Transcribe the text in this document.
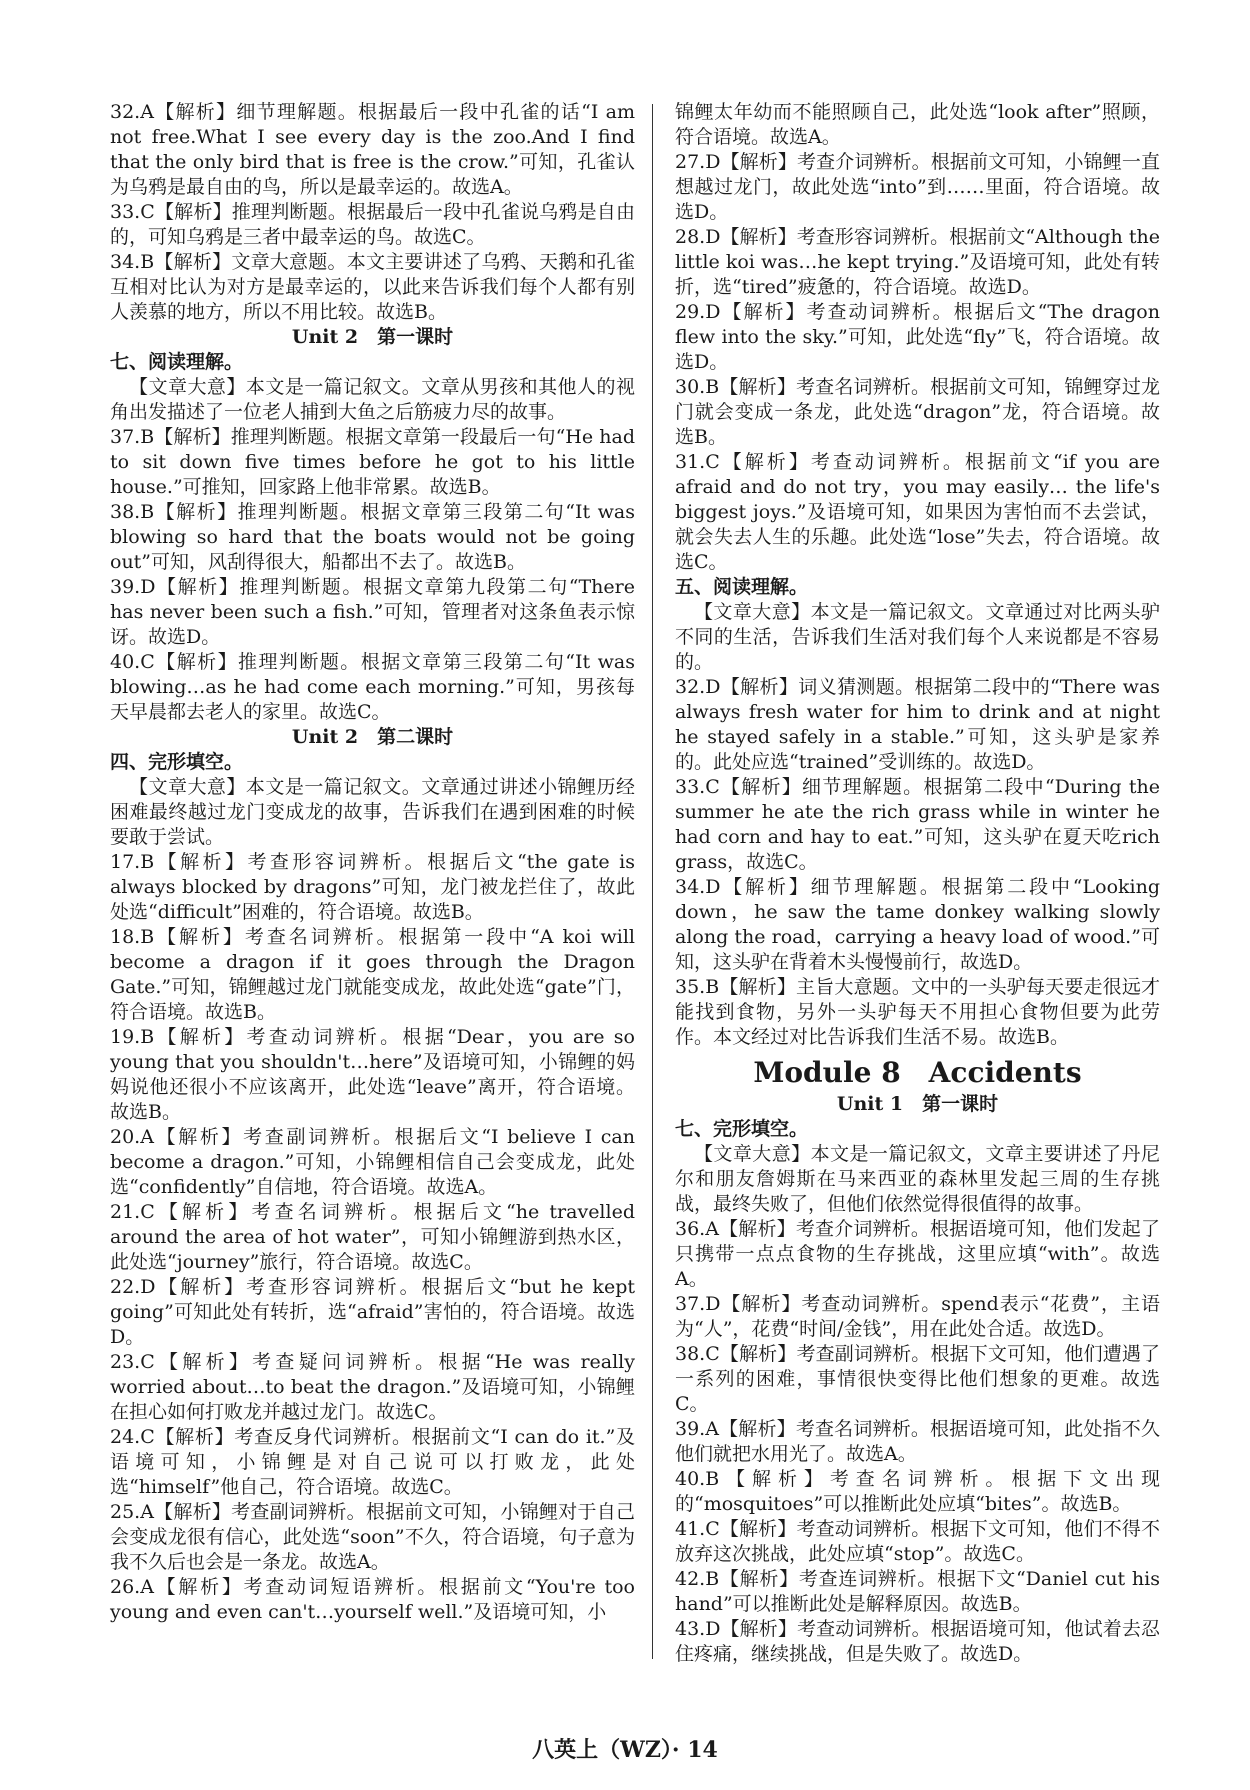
32.A【解析】细节理解题。根据最后一段中孔雀的话“I am not free.What I see every day is the zoo.And I find that the only bird that is free is the crow.”可知，孔雀认为乌鸦是最自由的鸟，所以是最幸运的。故选A。

33.C【解析】推理判断题。根据最后一段中孔雀说乌鸦是自由的，可知乌鸦是三者中最幸运的鸟。故选C。

34.B【解析】文章大意题。本文主要讲述了乌鸦、天鹅和孔雀互相对比认为对方是最幸运的，以此来告诉我们每个人都有别人羡慕的地方，所以不用比较。故选B。

Unit 2　第一课时

七、阅读理解。

【文章大意】本文是一篇记叙文。文章从男孩和其他人的视角出发描述了一位老人捕到大鱼之后筋疲力尽的故事。

37.B【解析】推理判断题。根据文章第一段最后一句“He had to sit down five times before he got to his little house.”可推知，回家路上他非常累。故选B。

38.B【解析】推理判断题。根据文章第三段第二句“It was blowing so hard that the boats would not be going out”可知，风刮得很大，船都出不去了。故选B。

39.D【解析】推理判断题。根据文章第九段第二句“There has never been such a fish.”可知，管理者对这条鱼表示惊讶。故选D。

40.C【解析】推理判断题。根据文章第三段第二句“It was blowing…as he had come each morning.”可知，男孩每天早晨都去老人的家里。故选C。

Unit 2　第二课时

四、完形填空。

【文章大意】本文是一篇记叙文。文章通过讲述小锦鲤历经困难最终越过龙门变成龙的故事，告诉我们在遇到困难的时候要敢于尝试。

17.B【解析】考查形容词辨析。根据后文“the gate is always blocked by dragons”可知，龙门被龙拦住了，故此处选“difficult”困难的，符合语境。故选B。

18.B【解析】考查名词辨析。根据第一段中“A koi will become a dragon if it goes through the Dragon Gate.”可知，锦鲤越过龙门就能变成龙，故此处选“gate”门，符合语境。故选B。

19.B【解析】考查动词辨析。根据“Dear，you are so young that you shouldn't…here”及语境可知，小锦鲤的妈妈说他还很小不应该离开，此处选“leave”离开，符合语境。故选B。

20.A【解析】考查副词辨析。根据后文“I believe I can become a dragon.”可知，小锦鲤相信自己会变成龙，此处选“confidently”自信地，符合语境。故选A。

21.C【解析】考查名词辨析。根据后文“he travelled around the area of hot water”，可知小锦鲤游到热水区，此处选“journey”旅行，符合语境。故选C。

22.D【解析】考查形容词辨析。根据后文“but he kept going”可知此处有转折，选“afraid”害怕的，符合语境。故选D。

23.C【解析】考查疑问词辨析。根据“He was really worried about…to beat the dragon.”及语境可知，小锦鲤在担心如何打败龙并越过龙门。故选C。

24.C【解析】考查反身代词辨析。根据前文“I can do it.”及语境可知，小锦鲤是对自己说可以打败龙，此处选“himself”他自己，符合语境。故选C。

25.A【解析】考查副词辨析。根据前文可知，小锦鲤对于自己会变成龙很有信心，此处选“soon”不久，符合语境，句子意为我不久后也会是一条龙。故选A。

26.A【解析】考查动词短语辨析。根据前文“You're too young and even can't…yourself well.”及语境可知，小

锦鲤太年幼而不能照顾自己，此处选“look after”照顾，符合语境。故选A。

27.D【解析】考查介词辨析。根据前文可知，小锦鲤一直想越过龙门，故此处选“into”到……里面，符合语境。故选D。

28.D【解析】考查形容词辨析。根据前文“Although the little koi was…he kept trying.”及语境可知，此处有转折，选“tired”疲惫的，符合语境。故选D。

29.D【解析】考查动词辨析。根据后文“The dragon flew into the sky.”可知，此处选“fly”飞，符合语境。故选D。

30.B【解析】考查名词辨析。根据前文可知，锦鲤穿过龙门就会变成一条龙，此处选“dragon”龙，符合语境。故选B。

31.C【解析】考查动词辨析。根据前文“if you are afraid and do not try，you may easily… the life's biggest joys.”及语境可知，如果因为害怕而不去尝试，就会失去人生的乐趣。此处选“lose”失去，符合语境。故选C。

五、阅读理解。

【文章大意】本文是一篇记叙文。文章通过对比两头驴不同的生活，告诉我们生活对我们每个人来说都是不容易的。

32.D【解析】词义猜测题。根据第二段中的“There was always fresh water for him to drink and at night he stayed safely in a stable.”可知，这头驴是家养的。此处应选“trained”受训练的。故选D。

33.C【解析】细节理解题。根据第二段中“During the summer he ate the rich grass while in winter he had corn and hay to eat.”可知，这头驴在夏天吃rich grass，故选C。

34.D【解析】细节理解题。根据第二段中“Looking down，he saw the tame donkey walking slowly along the road，carrying a heavy load of wood.”可知，这头驴在背着木头慢慢前行，故选D。

35.B【解析】主旨大意题。文中的一头驴每天要走很远才能找到食物，另外一头驴每天不用担心食物但要为此劳作。本文经过对比告诉我们生活不易。故选B。

Module 8　Accidents

Unit 1　第一课时

七、完形填空。

【文章大意】本文是一篇记叙文，文章主要讲述了丹尼尔和朋友詹姆斯在马来西亚的森林里发起三周的生存挑战，最终失败了，但他们依然觉得很值得的故事。

36.A【解析】考查介词辨析。根据语境可知，他们发起了只携带一点点食物的生存挑战，这里应填“with”。故选A。

37.D【解析】考查动词辨析。spend表示“花费”，主语为“人”，花费“时间/金钱”，用在此处合适。故选D。

38.C【解析】考查副词辨析。根据下文可知，他们遭遇了一系列的困难，事情很快变得比他们想象的更难。故选C。

39.A【解析】考查名词辨析。根据语境可知，此处指不久他们就把水用光了。故选A。

40.B【解析】考查名词辨析。根据下文出现的“mosquitoes”可以推断此处应填“bites”。故选B。

41.C【解析】考查动词辨析。根据下文可知，他们不得不放弃这次挑战，此处应填“stop”。故选C。

42.B【解析】考查连词辨析。根据下文“Daniel cut his hand”可以推断此处是解释原因。故选B。

43.D【解析】考查动词辨析。根据语境可知，他试着去忍住疼痛，继续挑战，但是失败了。故选D。

八英上（WZ）· 14
